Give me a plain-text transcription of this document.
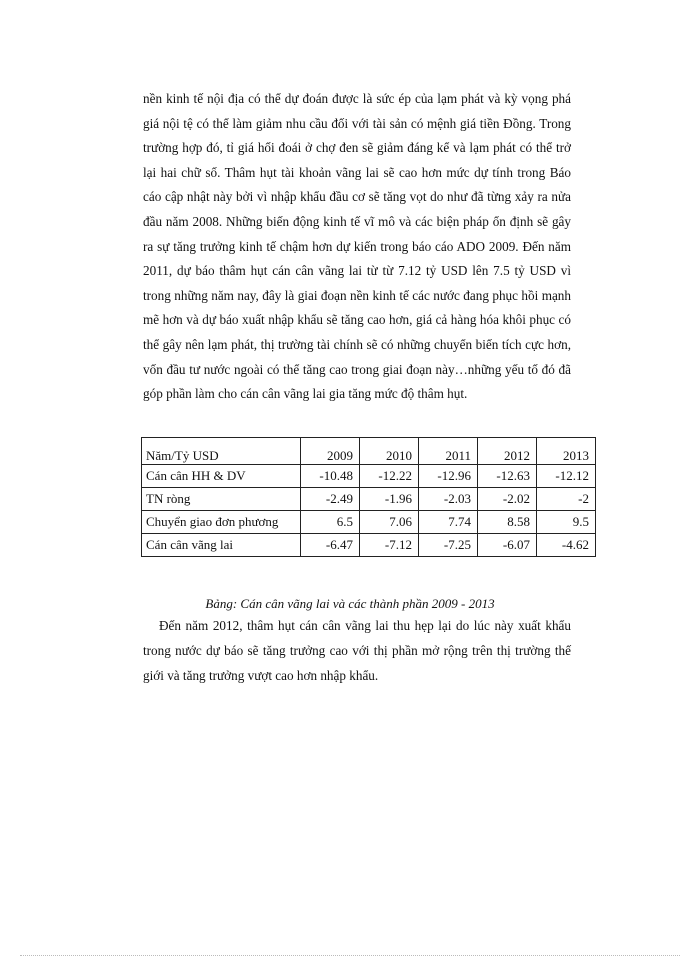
nền kinh tế nội địa có thể dự đoán được là sức ép của lạm phát và kỳ vọng phá giá nội tệ có thể làm giảm nhu cầu đối với tài sản có mệnh giá tiền Đồng. Trong trường hợp đó, tỉ giá hối đoái ở chợ đen sẽ giảm đáng kể và lạm phát có thể trở lại hai chữ số. Thâm hụt tài khoản vãng lai sẽ cao hơn mức dự tính trong Báo cáo cập nhật này bởi vì nhập khẩu đầu cơ sẽ tăng vọt do như đã từng xảy ra nửa đầu năm 2008. Những biến động kinh tế vĩ mô và các biện pháp ổn định sẽ gây ra sự tăng trưởng kinh tế chậm hơn dự kiến trong báo cáo ADO 2009. Đến năm 2011, dự báo thâm hụt cán cân vãng lai từ từ 7.12 tỷ USD lên 7.5 tỷ USD vì trong những năm nay, đây là giai đoạn nền kinh tế các nước đang phục hồi mạnh mẽ hơn và dự báo xuất nhập khẩu sẽ tăng cao hơn, giá cả hàng hóa khôi phục có thể gây nên lạm phát, thị trường tài chính sẽ có những chuyển biến tích cực hơn, vốn đầu tư nước ngoài có thể tăng cao trong giai đoạn này…những yếu tố đó đã góp phần làm cho cán cân vãng lai gia tăng mức độ thâm hụt.

Năm/Tỷ USD	2009	2010	2011	2012	2013
Cán cân HH & DV	-10.48	-12.22	-12.96	-12.63	-12.12
TN ròng	-2.49	-1.96	-2.03	-2.02	-2
Chuyển giao đơn phương	6.5	7.06	7.74	8.58	9.5
Cán cân vãng lai	-6.47	-7.12	-7.25	-6.07	-4.62

Bảng: Cán cân vãng lai và các thành phần 2009 - 2013

Đến năm 2012, thâm hụt cán cân vãng lai thu hẹp lại do lúc này xuất khẩu trong nước dự báo sẽ tăng trưởng cao với thị phần mở rộng trên thị trường thế giới và tăng trưởng vượt cao hơn nhập khẩu.
